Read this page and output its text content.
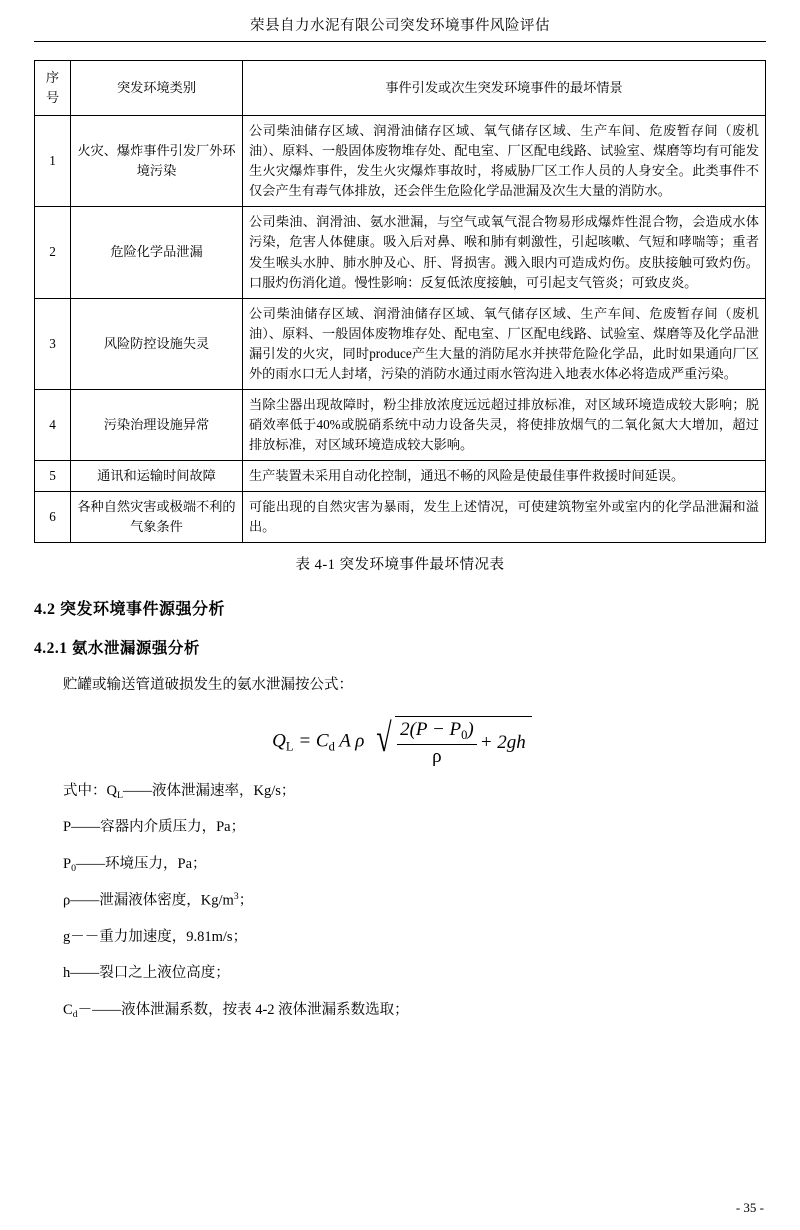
荣县自力水泥有限公司突发环境事件风险评估
序号	突发环境类别	事件引发或次生突发环境事件的最坏情景
1	火灾、爆炸事件引发厂外环境污染	公司柴油储存区域、润滑油储存区域、氧气储存区域、生产车间、危废暂存间（废机油）、原料、一般固体废物堆存处、配电室、厂区配电线路、试验室、煤磨等均有可能发生火灾爆炸事件，发生火灾爆炸事故时，将威胁厂区工作人员的人身安全。此类事件不仅会产生有毒气体排放，还会伴生危险化学品泄漏及次生大量的消防水。
2	危险化学品泄漏	公司柴油、润滑油、氨水泄漏，与空气或氧气混合物易形成爆炸性混合物，会造成水体污染，危害人体健康。吸入后对鼻、喉和肺有刺激性，引起咳嗽、气短和哮喘等；重者发生喉头水肿、肺水肿及心、肝、肾损害。溅入眼内可造成灼伤。皮肤接触可致灼伤。口服灼伤消化道。慢性影响：反复低浓度接触，可引起支气管炎；可致皮炎。
3	风险防控设施失灵	公司柴油储存区域、润滑油储存区域、氧气储存区域、生产车间、危废暂存间（废机油）、原料、一般固体废物堆存处、配电室、厂区配电线路、试验室、煤磨等及化学品泄漏引发的火灾，同时produce产生大量的消防尾水并挟带危险化学品，此时如果通向厂区外的雨水口无人封堵，污染的消防水通过雨水管沟进入地表水体必将造成严重污染。
4	污染治理设施异常	当除尘器出现故障时，粉尘排放浓度远远超过排放标准，对区域环境造成较大影响；脱硝效率低于40%或脱硝系统中动力设备失灵，将使排放烟气的二氧化氮大大增加，超过排放标准，对区域环境造成较大影响。
5	通讯和运输时间故障	生产装置未采用自动化控制，通迅不畅的风险是使最佳事件救援时间延误。
6	各种自然灾害或极端不利的气象条件	可能出现的自然灾害为暴雨，发生上述情况，可使建筑物室外或室内的化学品泄漏和溢出。
表 4-1 突发环境事件最坏情况表
4.2 突发环境事件源强分析
4.2.1 氨水泄漏源强分析
贮罐或输送管道破损发生的氨水泄漏按公式：
$Q_L = C_d$ A ρ √ $\frac{2(P - P_0)}{\rho} + 2gh$
式中：QL——液体泄漏速率，Kg/s；
P——容器内介质压力，Pa；
P0——环境压力，Pa；
ρ——泄漏液体密度，$Kg/m^3$；
g－－重力加速度，9.81m/s；
h——裂口之上液位高度；
Cd－——液体泄漏系数，按表 4-2 液体泄漏系数选取；
- 35 -
